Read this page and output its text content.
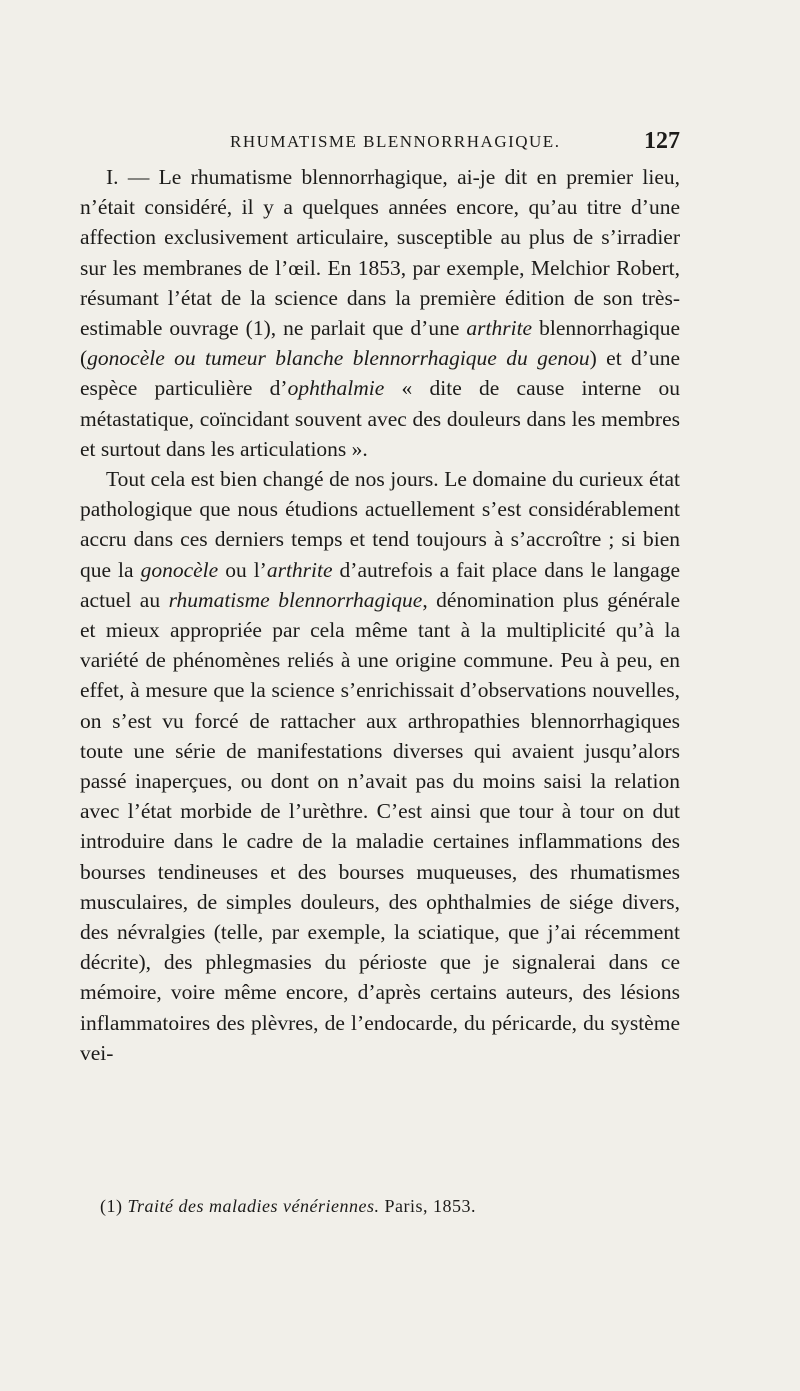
RHUMATISME BLENNORRHAGIQUE.	127

I. — Le rhumatisme blennorrhagique, ai-je dit en premier lieu, n’était considéré, il y a quelques années encore, qu’au titre d’une affection exclusivement articulaire, susceptible au plus de s’irradier sur les membranes de l’œil. En 1853, par exemple, Melchior Robert, résumant l’état de la science dans la première édition de son très-estimable ouvrage (1), ne parlait que d’une arthrite blennorrhagique (gonocèle ou tumeur blanche blennorrhagique du genou) et d’une espèce particulière d’ophthalmie « dite de cause interne ou métastatique, coïncidant souvent avec des douleurs dans les membres et surtout dans les articulations ».

Tout cela est bien changé de nos jours. Le domaine du curieux état pathologique que nous étudions actuellement s’est considérablement accru dans ces derniers temps et tend toujours à s’accroître ; si bien que la gonocèle ou l’arthrite d’autrefois a fait place dans le langage actuel au rhumatisme blennorrhagique, dénomination plus générale et mieux appropriée par cela même tant à la multiplicité qu’à la variété de phénomènes reliés à une origine commune. Peu à peu, en effet, à mesure que la science s’enrichissait d’observations nouvelles, on s’est vu forcé de rattacher aux arthropathies blennorrhagiques toute une série de manifestations diverses qui avaient jusqu’alors passé inaperçues, ou dont on n’avait pas du moins saisi la relation avec l’état morbide de l’urèthre. C’est ainsi que tour à tour on dut introduire dans le cadre de la maladie certaines inflammations des bourses tendineuses et des bourses muqueuses, des rhumatismes musculaires, de simples douleurs, des ophthalmies de siége divers, des névralgies (telle, par exemple, la sciatique, que j’ai récemment décrite), des phlegmasies du périoste que je signalerai dans ce mémoire, voire même encore, d’après certains auteurs, des lésions inflammatoires des plèvres, de l’endocarde, du péricarde, du système vei-

(1) Traité des maladies vénériennes. Paris, 1853.
